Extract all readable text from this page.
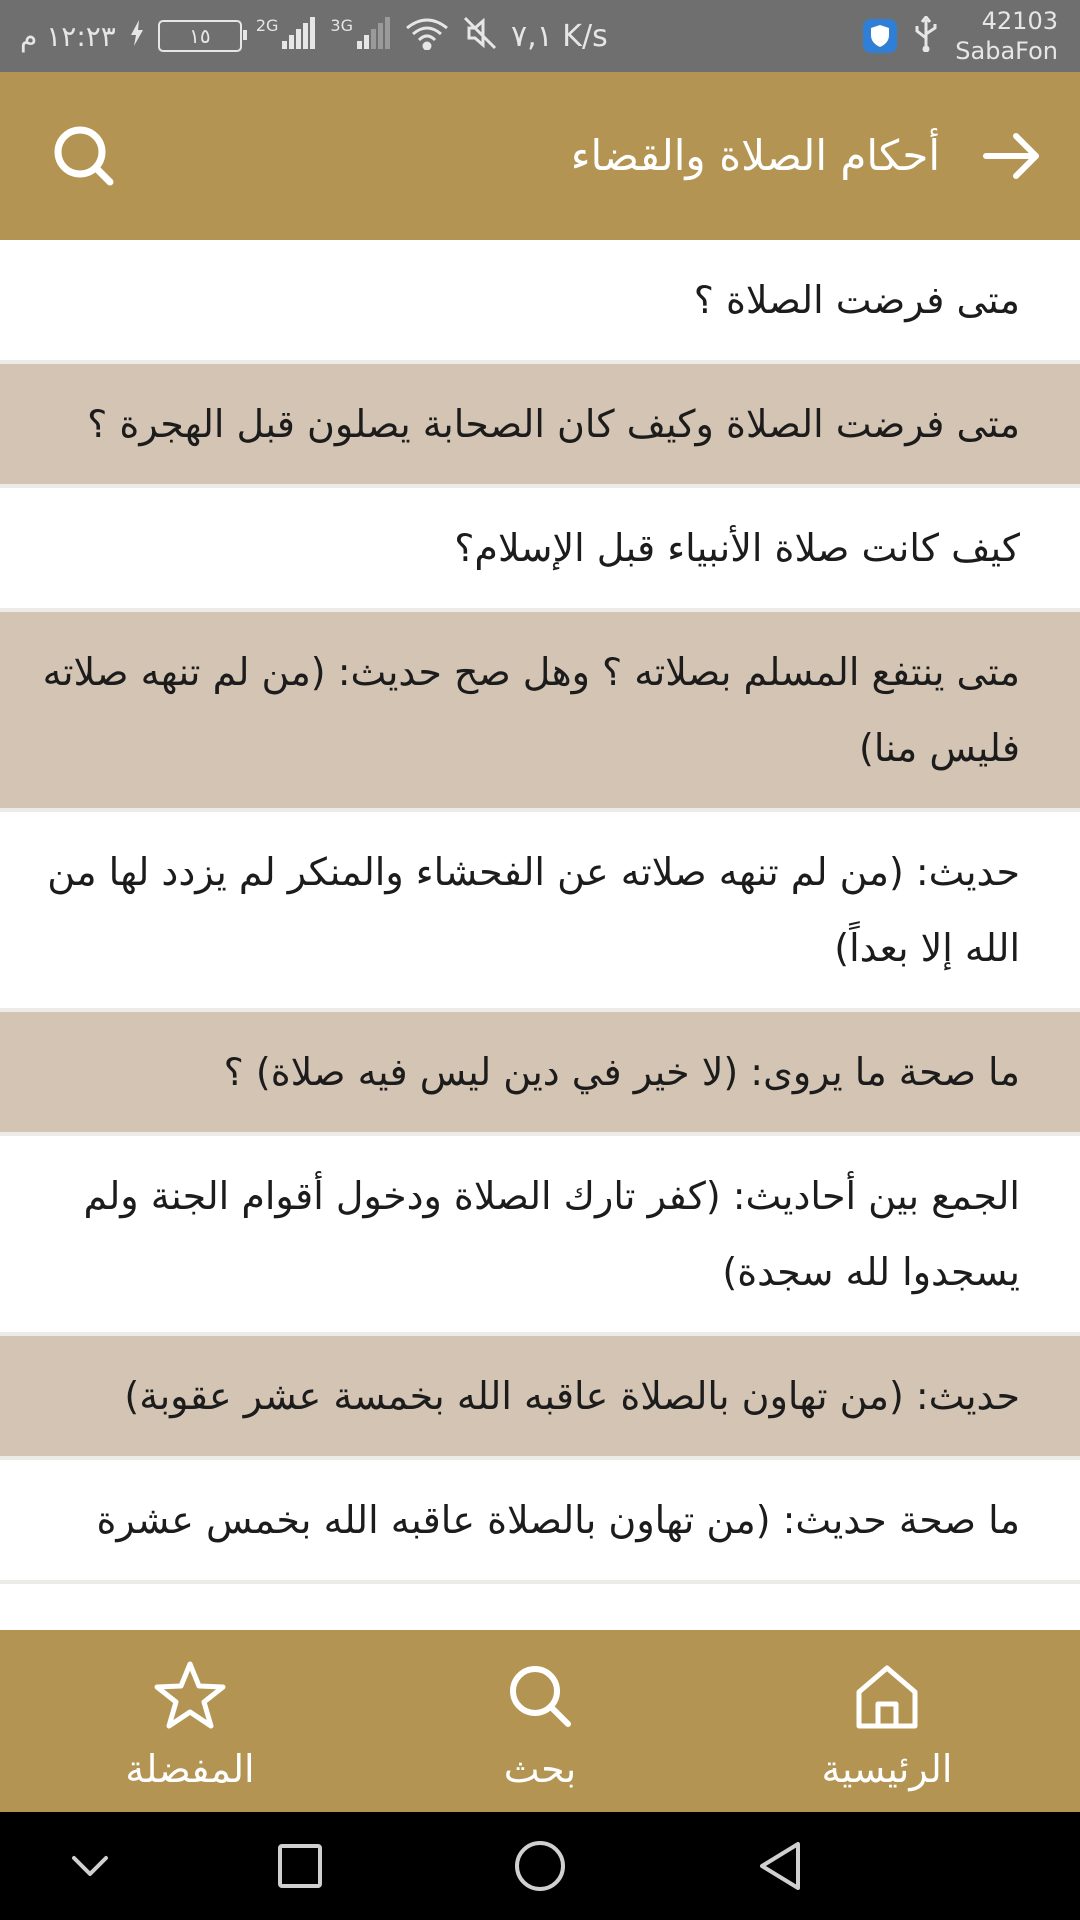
١٢:٢٣ م	١٥	2G	3G	٧,١ K/s	42103
SabaFon
أحكام الصلاة والقضاء
متى فرضت الصلاة ؟
متى فرضت الصلاة وكيف كان الصحابة يصلون قبل الهجرة ؟
كيف كانت صلاة الأنبياء قبل الإسلام؟
متى ينتفع المسلم بصلاته ؟ وهل صح حديث: (من لم تنهه صلاته فليس منا)
حديث: (من لم تنهه صلاته عن الفحشاء والمنكر لم يزدد لها من الله إلا بعداً)
ما صحة ما يروى: (لا خير في دين ليس فيه صلاة) ؟
الجمع بين أحاديث: (كفر تارك الصلاة ودخول أقوام الجنة ولم يسجدوا لله سجدة)
حديث: (من تهاون بالصلاة عاقبه الله بخمسة عشر عقوبة)
ما صحة حديث: (من تهاون بالصلاة عاقبه الله بخمس عشرة
المفضلة	بحث	الرئيسية
